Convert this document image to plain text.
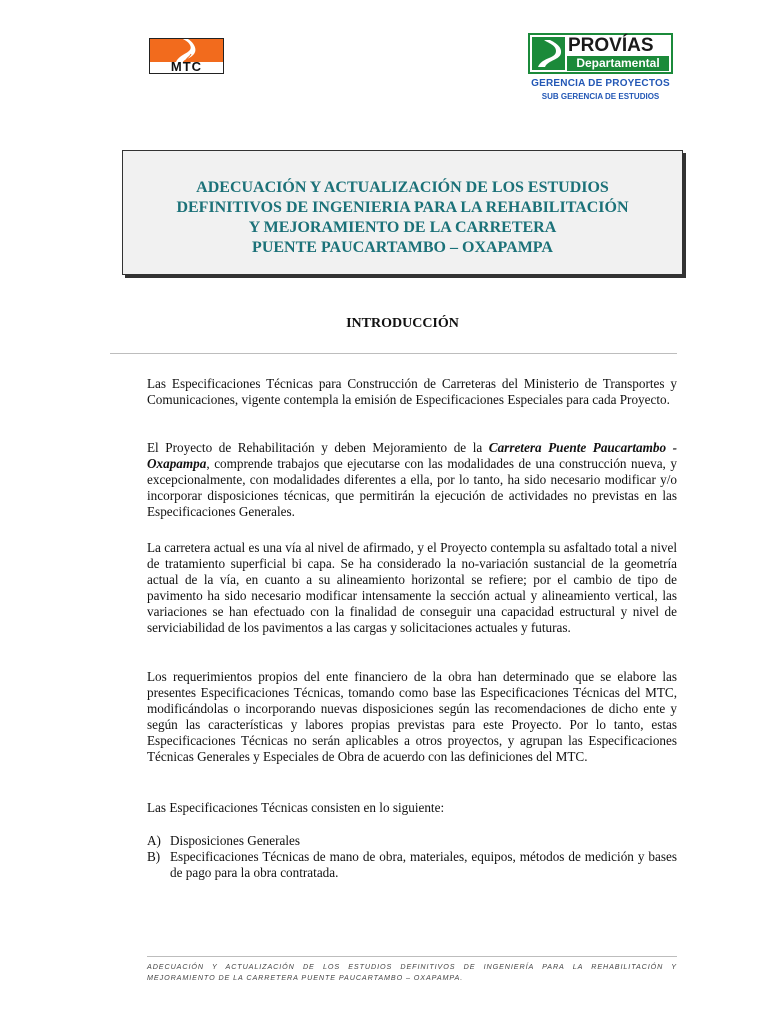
MTC
PROVÍAS
Departamental
GERENCIA DE PROYECTOS
SUB GERENCIA DE ESTUDIOS
ADECUACIÓN Y ACTUALIZACIÓN DE LOS ESTUDIOS
DEFINITIVOS DE INGENIERIA PARA LA REHABILITACIÓN
Y MEJORAMIENTO DE LA CARRETERA
PUENTE PAUCARTAMBO – OXAPAMPA
INTRODUCCIÓN
Las Especificaciones Técnicas para Construcción de Carreteras del Ministerio de Transportes y Comunicaciones, vigente contempla la emisión de Especificaciones Especiales para cada Proyecto.
El Proyecto de Rehabilitación y deben Mejoramiento de la Carretera Puente Paucartambo - Oxapampa, comprende trabajos que ejecutarse con las modalidades de una construcción nueva, y excepcionalmente, con modalidades diferentes a ella, por lo tanto, ha sido necesario modificar y/o incorporar disposiciones técnicas, que permitirán la ejecución de actividades no previstas en las Especificaciones Generales.
La carretera actual es una vía al nivel de afirmado, y el Proyecto contempla su asfaltado total a nivel de tratamiento superficial bi capa. Se ha considerado la no-variación sustancial de la geometría actual de la vía, en cuanto a su alineamiento horizontal se refiere; por el cambio de tipo de pavimento ha sido necesario modificar intensamente la sección actual y alineamiento vertical, las variaciones se han efectuado con la finalidad de conseguir una capacidad estructural y nivel de serviciabilidad de los pavimentos a las cargas y solicitaciones actuales y futuras.
Los requerimientos propios del ente financiero de la obra han determinado que se elabore las presentes Especificaciones Técnicas, tomando como base las Especificaciones Técnicas del MTC, modificándolas o incorporando nuevas disposiciones según las recomendaciones de dicho ente y según las características y labores propias previstas para este Proyecto. Por lo tanto, estas Especificaciones Técnicas no serán aplicables a otros proyectos, y agrupan las Especificaciones Técnicas Generales y Especiales de Obra de acuerdo con las definiciones del MTC.
Las Especificaciones Técnicas consisten en lo siguiente:
A) Disposiciones Generales
B) Especificaciones Técnicas de mano de obra, materiales, equipos, métodos de medición y bases de pago para la obra contratada.
ADECUACIÓN Y ACTUALIZACIÓN DE LOS ESTUDIOS DEFINITIVOS DE INGENIERÍA PARA LA REHABILITACIÓN Y MEJORAMIENTO DE LA CARRETERA PUENTE PAUCARTAMBO – OXAPAMPA.
